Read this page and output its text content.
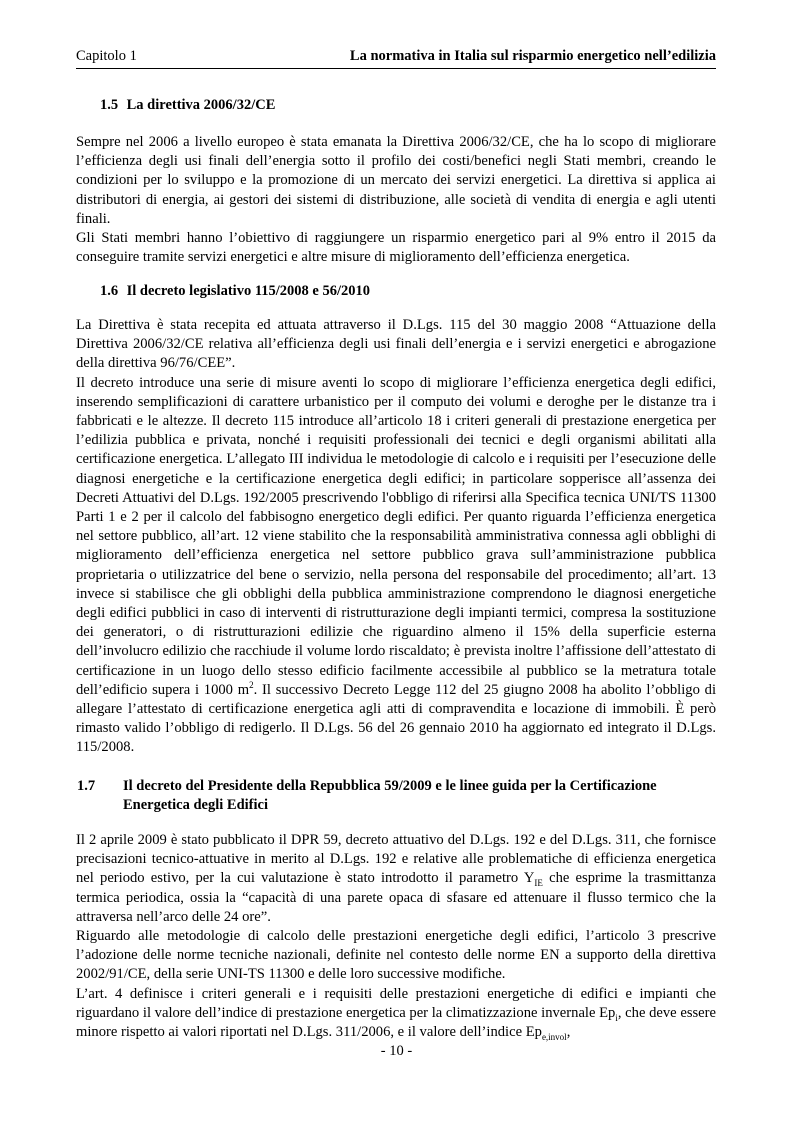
Capitolo 1	La normativa in Italia sul risparmio energetico nell’edilizia
1.5 La direttiva 2006/32/CE

Sempre nel 2006 a livello europeo è stata emanata la Direttiva 2006/32/CE, che ha lo scopo di migliorare l’efficienza degli usi finali dell’energia sotto il profilo dei costi/benefici negli Stati membri, creando le condizioni per lo sviluppo e la promozione di un mercato dei servizi energetici. La direttiva si applica ai distributori di energia, ai gestori dei sistemi di distribuzione, alle società di vendita di energia e agli utenti finali.

Gli Stati membri hanno l’obiettivo di raggiungere un risparmio energetico pari al 9% entro il 2015 da conseguire tramite servizi energetici e altre misure di miglioramento dell’efficienza energetica.

1.6 Il decreto legislativo 115/2008 e 56/2010

La Direttiva è stata recepita ed attuata attraverso il D.Lgs. 115 del 30 maggio 2008 “Attuazione della Direttiva 2006/32/CE relativa all’efficienza degli usi finali dell’energia e i servizi energetici e abrogazione della direttiva 96/76/CEE”.

Il decreto introduce una serie di misure aventi lo scopo di migliorare l’efficienza energetica degli edifici, inserendo semplificazioni di carattere urbanistico per il computo dei volumi e deroghe per le distanze tra i fabbricati e le altezze. Il decreto 115 introduce all’articolo 18 i criteri generali di prestazione energetica per l’edilizia pubblica e privata, nonché i requisiti professionali dei tecnici e degli organismi abilitati alla certificazione energetica. L’allegato III individua le metodologie di calcolo e i requisiti per l’esecuzione delle diagnosi energetiche e la certificazione energetica degli edifici; in particolare sopperisce all’assenza dei Decreti Attuativi del D.Lgs. 192/2005 prescrivendo l'obbligo di riferirsi alla Specifica tecnica UNI/TS 11300 Parti 1 e 2 per il calcolo del fabbisogno energetico degli edifici. Per quanto riguarda l’efficienza energetica nel settore pubblico, all’art. 12 viene stabilito che la responsabilità amministrativa connessa agli obblighi di miglioramento dell’efficienza energetica nel settore pubblico grava sull’amministrazione pubblica proprietaria o utilizzatrice del bene o servizio, nella persona del responsabile del procedimento; all’art. 13 invece si stabilisce che gli obblighi della pubblica amministrazione comprendono le diagnosi energetiche degli edifici pubblici in caso di interventi di ristrutturazione degli impianti termici, compresa la sostituzione dei generatori, o di ristrutturazioni edilizie che riguardino almeno il 15% della superficie esterna dell’involucro edilizio che racchiude il volume lordo riscaldato; è prevista inoltre l’affissione dell’attestato di certificazione in un luogo dello stesso edificio facilmente accessibile al pubblico se la metratura totale dell’edificio supera i 1000 $m^2$. Il successivo Decreto Legge 112 del 25 giugno 2008 ha abolito l’obbligo di allegare l’attestato di certificazione energetica agli atti di compravendita e locazione di immobili. È però rimasto valido l’obbligo di redigerlo. Il D.Lgs. 56 del 26 gennaio 2010 ha aggiornato ed integrato il D.Lgs. 115/2008.

1.7 Il decreto del Presidente della Repubblica 59/2009 e le linee guida per la Certificazione
Energetica degli Edifici

Il 2 aprile 2009 è stato pubblicato il DPR 59, decreto attuativo del D.Lgs. 192 e del D.Lgs. 311, che fornisce precisazioni tecnico-attuative in merito al D.Lgs. 192 e relative alle problematiche di efficienza energetica nel periodo estivo, per la cui valutazione è stato introdotto il parametro $Y_{IE}$ che esprime la trasmittanza termica periodica, ossia la “capacità di una parete opaca di sfasare ed attenuare il flusso termico che la attraversa nell’arco delle 24 ore”.

Riguardo alle metodologie di calcolo delle prestazioni energetiche degli edifici, l’articolo 3 prescrive l’adozione delle norme tecniche nazionali, definite nel contesto delle norme EN a supporto della direttiva 2002/91/CE, della serie UNI-TS 11300 e delle loro successive modifiche.

L’art. 4 definisce i criteri generali e i requisiti delle prestazioni energetiche di edifici e impianti che riguardano il valore dell’indice di prestazione energetica per la climatizzazione invernale $Ep_i$, che deve essere minore rispetto ai valori riportati nel D.Lgs. 311/2006, e il valore dell’indice $Ep_{e,invol}$,

- 10 -
